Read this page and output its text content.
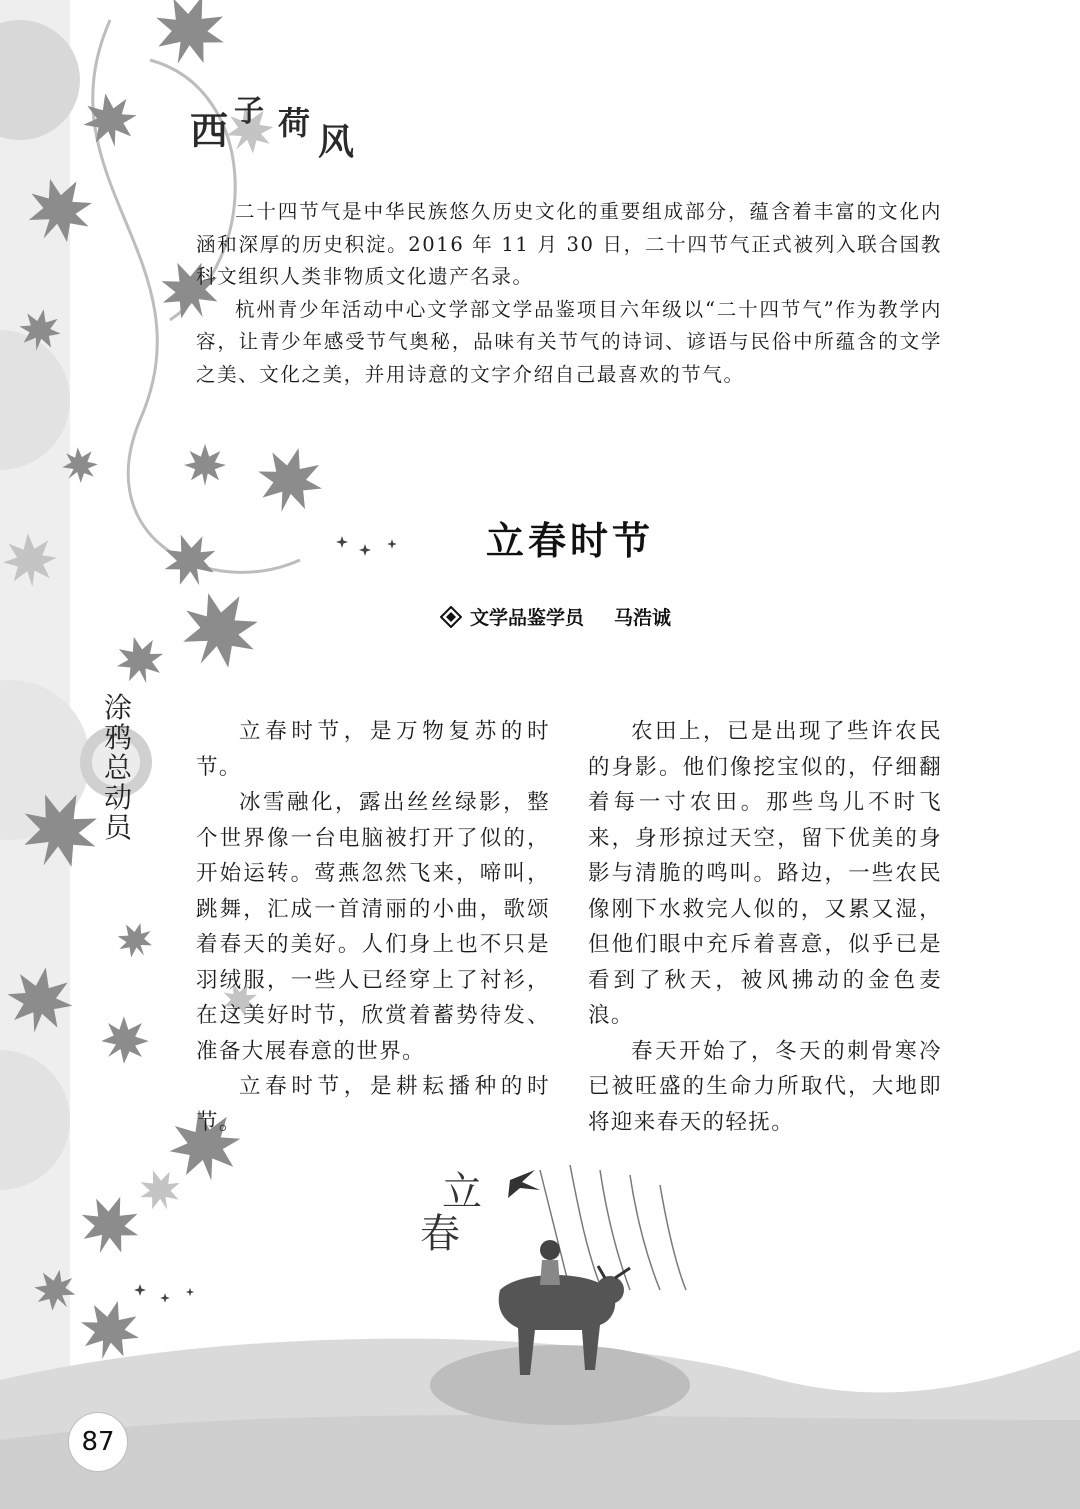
西 子 荷 风

二十四节气是中华民族悠久历史文化的重要组成部分，蕴含着丰富的文化内涵和深厚的历史积淀。2016 年 11 月 30 日，二十四节气正式被列入联合国教科文组织人类非物质文化遗产名录。

杭州青少年活动中心文学部文学品鉴项目六年级以“二十四节气”作为教学内容，让青少年感受节气奥秘，品味有关节气的诗词、谚语与民俗中所蕴含的文学之美、文化之美，并用诗意的文字介绍自己最喜欢的节气。

立春时节
文学品鉴学员 马浩诚
涂
鸦
总
动
员

立春时节，是万物复苏的时节。

冰雪融化，露出丝丝绿影，整个世界像一台电脑被打开了似的，开始运转。莺燕忽然飞来，啼叫，跳舞，汇成一首清丽的小曲，歌颂着春天的美好。人们身上也不只是羽绒服，一些人已经穿上了衬衫，在这美好时节，欣赏着蓄势待发、准备大展春意的世界。

立春时节，是耕耘播种的时节。

农田上，已是出现了些许农民的身影。他们像挖宝似的，仔细翻着每一寸农田。那些鸟儿不时飞来，身形掠过天空，留下优美的身影与清脆的鸣叫。路边，一些农民像刚下水救完人似的，又累又湿，但他们眼中充斥着喜意，似乎已是看到了秋天，被风拂动的金色麦浪。

春天开始了，冬天的刺骨寒冷已被旺盛的生命力所取代，大地即将迎来春天的轻抚。

立
春
87
